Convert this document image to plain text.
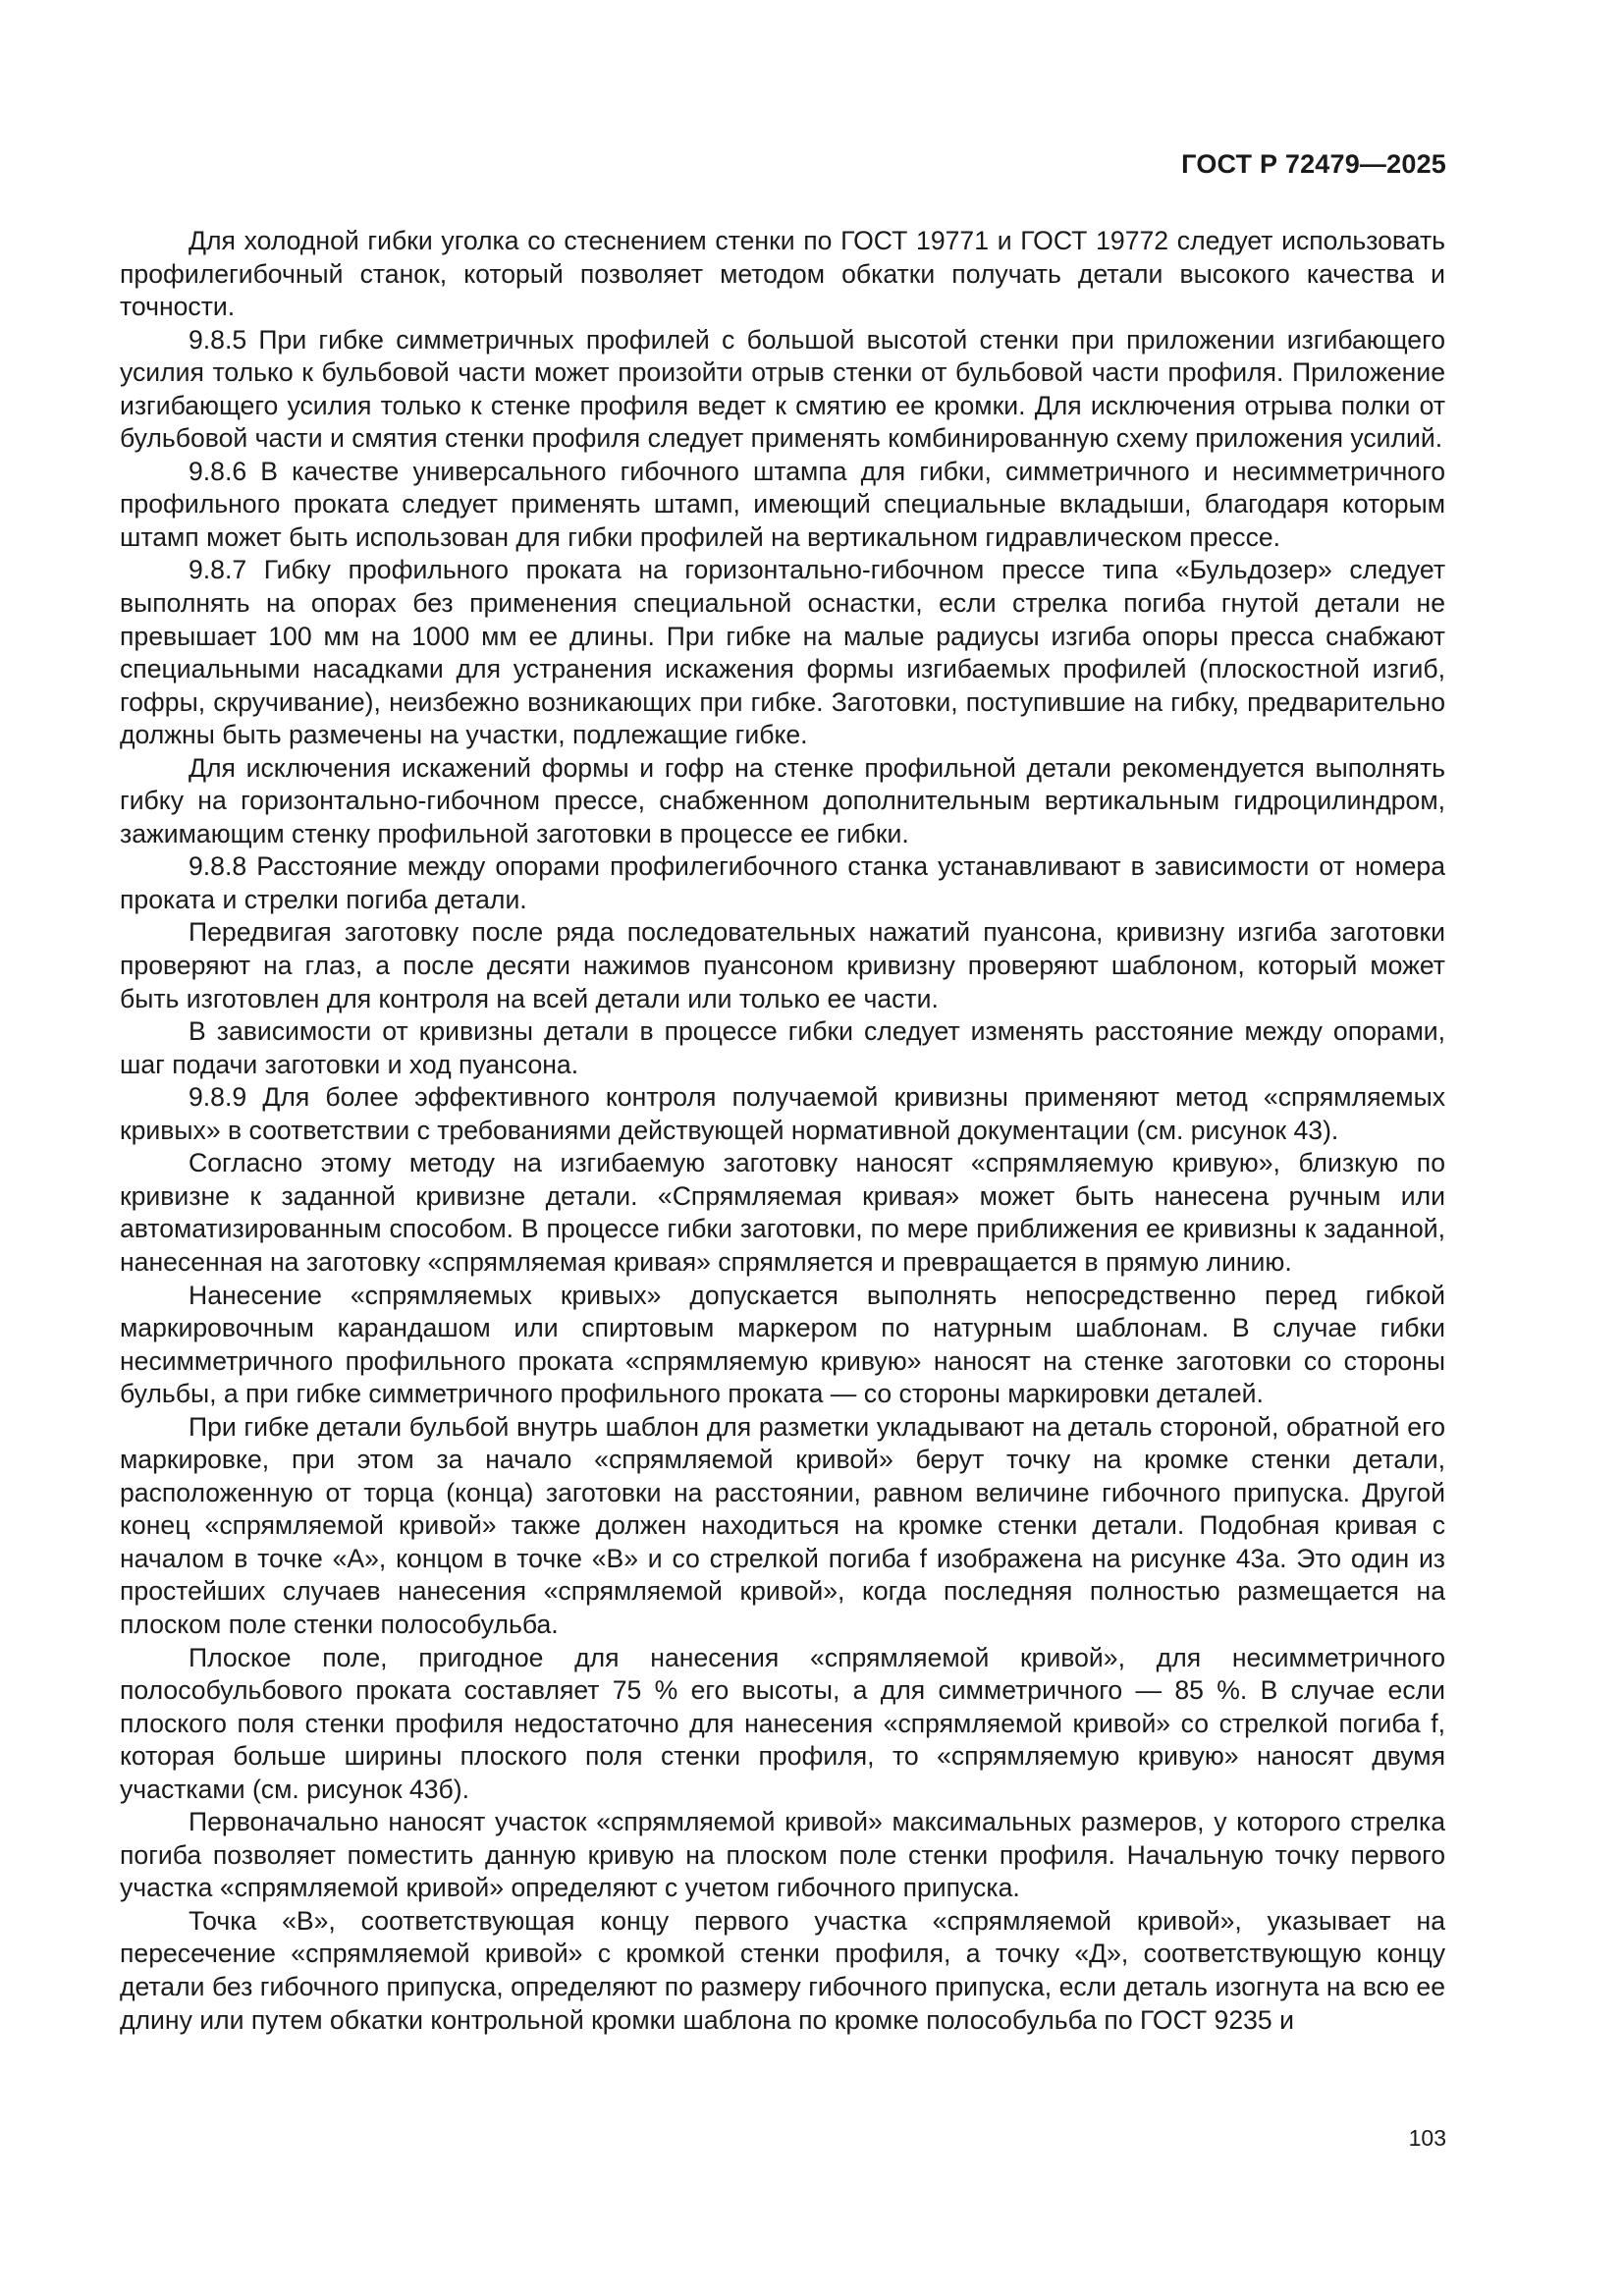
ГОСТ Р 72479—2025

Для холодной гибки уголка со стеснением стенки по ГОСТ 19771 и ГОСТ 19772 следует использовать профилегибочный станок, который позволяет методом обкатки получать детали высокого качества и точности.

9.8.5 При гибке симметричных профилей с большой высотой стенки при приложении изгибающего усилия только к бульбовой части может произойти отрыв стенки от бульбовой части профиля. Приложение изгибающего усилия только к стенке профиля ведет к смятию ее кромки. Для исключения отрыва полки от бульбовой части и смятия стенки профиля следует применять комбинированную схему приложения усилий.

9.8.6 В качестве универсального гибочного штампа для гибки, симметричного и несимметричного профильного проката следует применять штамп, имеющий специальные вкладыши, благодаря которым штамп может быть использован для гибки профилей на вертикальном гидравлическом прессе.

9.8.7 Гибку профильного проката на горизонтально-гибочном прессе типа «Бульдозер» следует выполнять на опорах без применения специальной оснастки, если стрелка погиба гнутой детали не превышает 100 мм на 1000 мм ее длины. При гибке на малые радиусы изгиба опоры пресса снабжают специальными насадками для устранения искажения формы изгибаемых профилей (плоскостной изгиб, гофры, скручивание), неизбежно возникающих при гибке. Заготовки, поступившие на гибку, предварительно должны быть размечены на участки, подлежащие гибке.

Для исключения искажений формы и гофр на стенке профильной детали рекомендуется выполнять гибку на горизонтально-гибочном прессе, снабженном дополнительным вертикальным гидроцилиндром, зажимающим стенку профильной заготовки в процессе ее гибки.

9.8.8 Расстояние между опорами профилегибочного станка устанавливают в зависимости от номера проката и стрелки погиба детали.

Передвигая заготовку после ряда последовательных нажатий пуансона, кривизну изгиба заготовки проверяют на глаз, а после десяти нажимов пуансоном кривизну проверяют шаблоном, который может быть изготовлен для контроля на всей детали или только ее части.

В зависимости от кривизны детали в процессе гибки следует изменять расстояние между опорами, шаг подачи заготовки и ход пуансона.

9.8.9 Для более эффективного контроля получаемой кривизны применяют метод «спрямляемых кривых» в соответствии с требованиями действующей нормативной документации (см. рисунок 43).

Согласно этому методу на изгибаемую заготовку наносят «спрямляемую кривую», близкую по кривизне к заданной кривизне детали. «Спрямляемая кривая» может быть нанесена ручным или автоматизированным способом. В процессе гибки заготовки, по мере приближения ее кривизны к заданной, нанесенная на заготовку «спрямляемая кривая» спрямляется и превращается в прямую линию.

Нанесение «спрямляемых кривых» допускается выполнять непосредственно перед гибкой маркировочным карандашом или спиртовым маркером по натурным шаблонам. В случае гибки несимметричного профильного проката «спрямляемую кривую» наносят на стенке заготовки со стороны бульбы, а при гибке симметричного профильного проката — со стороны маркировки деталей.

При гибке детали бульбой внутрь шаблон для разметки укладывают на деталь стороной, обратной его маркировке, при этом за начало «спрямляемой кривой» берут точку на кромке стенки детали, расположенную от торца (конца) заготовки на расстоянии, равном величине гибочного припуска. Другой конец «спрямляемой кривой» также должен находиться на кромке стенки детали. Подобная кривая с началом в точке «А», концом в точке «В» и со стрелкой погиба f изображена на рисунке 43а. Это один из простейших случаев нанесения «спрямляемой кривой», когда последняя полностью размещается на плоском поле стенки полособульба.

Плоское поле, пригодное для нанесения «спрямляемой кривой», для несимметричного полособульбового проката составляет 75 % его высоты, а для симметричного — 85 %. В случае если плоского поля стенки профиля недостаточно для нанесения «спрямляемой кривой» со стрелкой погиба f, которая больше ширины плоского поля стенки профиля, то «спрямляемую кривую» наносят двумя участками (см. рисунок 43б).

Первоначально наносят участок «спрямляемой кривой» максимальных размеров, у которого стрелка погиба позволяет поместить данную кривую на плоском поле стенки профиля. Начальную точку первого участка «спрямляемой кривой» определяют с учетом гибочного припуска.

Точка «В», соответствующая концу первого участка «спрямляемой кривой», указывает на пересечение «спрямляемой кривой» с кромкой стенки профиля, а точку «Д», соответствующую концу детали без гибочного припуска, определяют по размеру гибочного припуска, если деталь изогнута на всю ее длину или путем обкатки контрольной кромки шаблона по кромке полособульба по ГОСТ 9235 и

103
